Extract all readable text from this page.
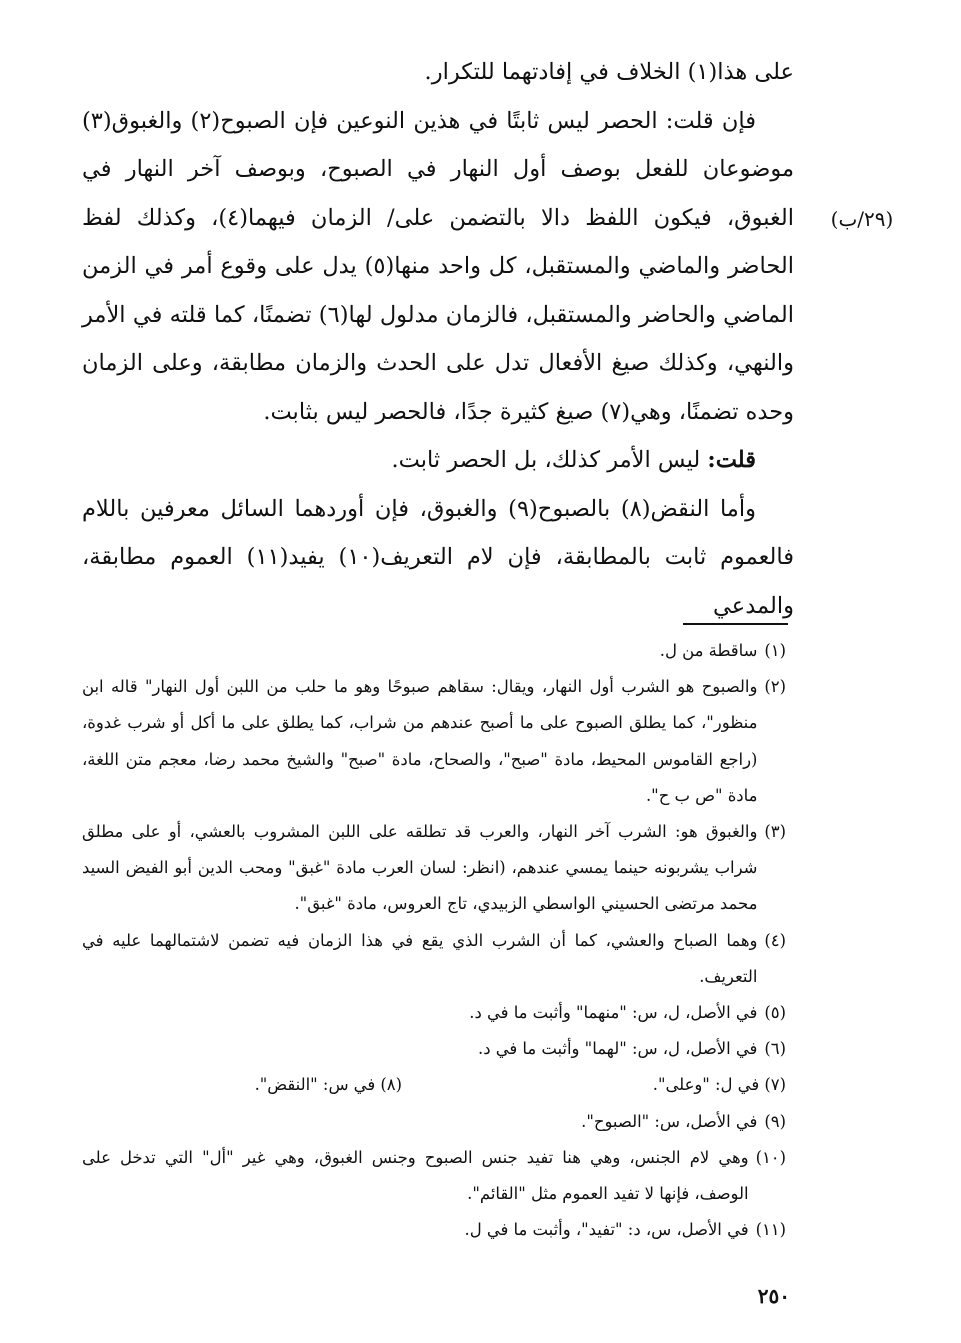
على هذا(١) الخلاف في إفادتهما للتكرار.

فإن قلت: الحصر ليس ثابتًا في هذين النوعين فإن الصبوح(٢) والغبوق(٣) موضوعان للفعل بوصف أول النهار في الصبوح، وبوصف آخر النهار في الغبوق، فيكون اللفظ دالا بالتضمن على/ الزمان فيهما(٤)، وكذلك لفظ الحاضر والماضي والمستقبل، كل واحد منها(٥) يدل على وقوع أمر في الزمن الماضي والحاضر والمستقبل، فالزمان مدلول لها(٦) تضمنًا، كما قلته في الأمر والنهي، وكذلك صيغ الأفعال تدل على الحدث والزمان مطابقة، وعلى الزمان وحده تضمنًا، وهي(٧) صيغ كثيرة جدًا، فالحصر ليس بثابت.

قلت: ليس الأمر كذلك، بل الحصر ثابت.

وأما النقض(٨) بالصبوح(٩) والغبوق، فإن أوردهما السائل معرفين باللام فالعموم ثابت بالمطابقة، فإن لام التعريف(١٠) يفيد(١١) العموم مطابقة، والمدعي

(٢٩/ب)
(١)
ساقطة من ل.
(٢)
والصبوح هو الشرب أول النهار، ويقال: سقاهم صبوحًا وهو ما حلب من اللبن أول النهار" قاله ابن منظور"، كما يطلق الصبوح على ما أصبح عندهم من شراب، كما يطلق على ما أكل أو شرب غدوة، (راجع القاموس المحيط، مادة "صبح"، والصحاح، مادة "صبح" والشيخ محمد رضا، معجم متن اللغة، مادة "ص ب ح".
(٣)
والغبوق هو: الشرب آخر النهار، والعرب قد تطلقه على اللبن المشروب بالعشي، أو على مطلق شراب يشربونه حينما يمسي عندهم، (انظر: لسان العرب مادة "غبق" ومحب الدين أبو الفيض السيد محمد مرتضى الحسيني الواسطي الزبيدي، تاج العروس، مادة "غبق".
(٤)
وهما الصباح والعشي، كما أن الشرب الذي يقع في هذا الزمان فيه تضمن لاشتمالهما عليه في التعريف.
(٥)
في الأصل، ل، س: "منهما" وأثبت ما في د.
(٦)
في الأصل، ل، س: "لهما" وأثبت ما في د.
(٧) في ل: "وعلى".
(٨) في س: "النقض".
(٩)
في الأصل، س: "الصبوح".
(١٠)
وهي لام الجنس، وهي هنا تفيد جنس الصبوح وجنس الغبوق، وهي غير "أل" التي تدخل على الوصف، فإنها لا تفيد العموم مثل "القائم".
(١١)
في الأصل، س، د: "تفيد"، وأثبت ما في ل.
٢٥٠
